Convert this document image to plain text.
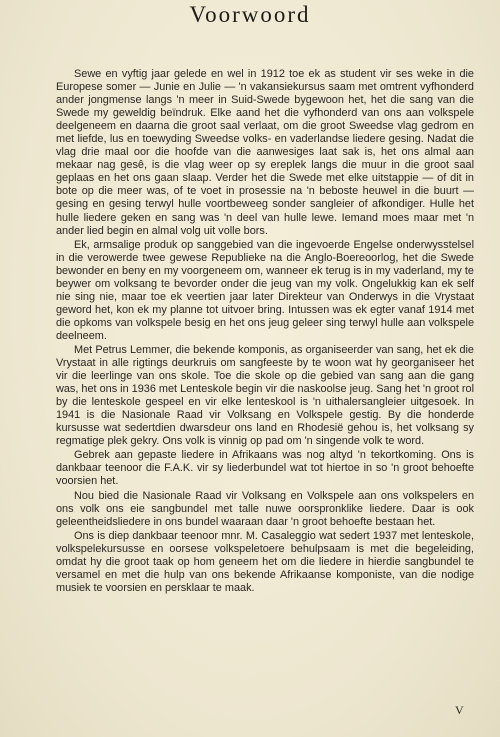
Voorwoord

Sewe en vyftig jaar gelede en wel in 1912 toe ek as student vir ses weke in die Europese somer — Junie en Julie — 'n vakansiekursus saam met omtrent vyfhonderd ander jongmense langs 'n meer in Suid-Swede bygewoon het, het die sang van die Swede my geweldig beïndruk. Elke aand het die vyfhonderd van ons aan volkspele deelgeneem en daarna die groot saal verlaat, om die groot Sweedse vlag gedrom en met liefde, lus en toewyding Sweedse volks- en vaderlandse liedere gesing. Nadat die vlag drie maal oor die hoofde van die aanwesiges laat sak is, het ons almal aan mekaar nag gesê, is die vlag weer op sy ereplek langs die muur in die groot saal geplaas en het ons gaan slaap. Verder het die Swede met elke uitstappie — of dit in bote op die meer was, of te voet in prosessie na 'n beboste heuwel in die buurt — gesing en gesing terwyl hulle voortbeweeg sonder sangleier of afkondiger. Hulle het hulle liedere geken en sang was 'n deel van hulle lewe. Iemand moes maar met 'n ander lied begin en almal volg uit volle bors.

Ek, armsalige produk op sanggebied van die ingevoerde Engelse onderwysstelsel in die verowerde twee gewese Republieke na die Anglo-Boereoorlog, het die Swede bewonder en beny en my voorgeneem om, wanneer ek terug is in my vaderland, my te beywer om volksang te bevorder onder die jeug van my volk. Ongelukkig kan ek self nie sing nie, maar toe ek veertien jaar later Direkteur van Onderwys in die Vrystaat geword het, kon ek my planne tot uitvoer bring. Intussen was ek egter vanaf 1914 met die opkoms van volkspele besig en het ons jeug geleer sing terwyl hulle aan volkspele deelneem.

Met Petrus Lemmer, die bekende komponis, as organiseerder van sang, het ek die Vrystaat in alle rigtings deurkruis om sangfeeste by te woon wat hy georganiseer het vir die leerlinge van ons skole. Toe die skole op die gebied van sang aan die gang was, het ons in 1936 met Lenteskole begin vir die naskoolse jeug. Sang het 'n groot rol by die lenteskole gespeel en vir elke lenteskool is 'n uithalersangleier uitgesoek. In 1941 is die Nasionale Raad vir Volksang en Volkspele gestig. By die honderde kursusse wat sedertdien dwarsdeur ons land en Rhodesië gehou is, het volksang sy regmatige plek gekry. Ons volk is vinnig op pad om 'n singende volk te word.

Gebrek aan gepaste liedere in Afrikaans was nog altyd 'n tekortkoming. Ons is dankbaar teenoor die F.A.K. vir sy liederbundel wat tot hiertoe in so 'n groot behoefte voorsien het.

Nou bied die Nasionale Raad vir Volksang en Volkspele aan ons volkspelers en ons volk ons eie sangbundel met talle nuwe oorspronklike liedere. Daar is ook geleentheidsliedere in ons bundel waaraan daar 'n groot behoefte bestaan het.

Ons is diep dankbaar teenoor mnr. M. Casaleggio wat sedert 1937 met lenteskole, volkspelekursusse en oorsese volkspeletoere behulpsaam is met die begeleiding, omdat hy die groot taak op hom geneem het om die liedere in hierdie sangbundel te versamel en met die hulp van ons bekende Afrikaanse komponiste, van die nodige musiek te voorsien en persklaar te maak.

V
